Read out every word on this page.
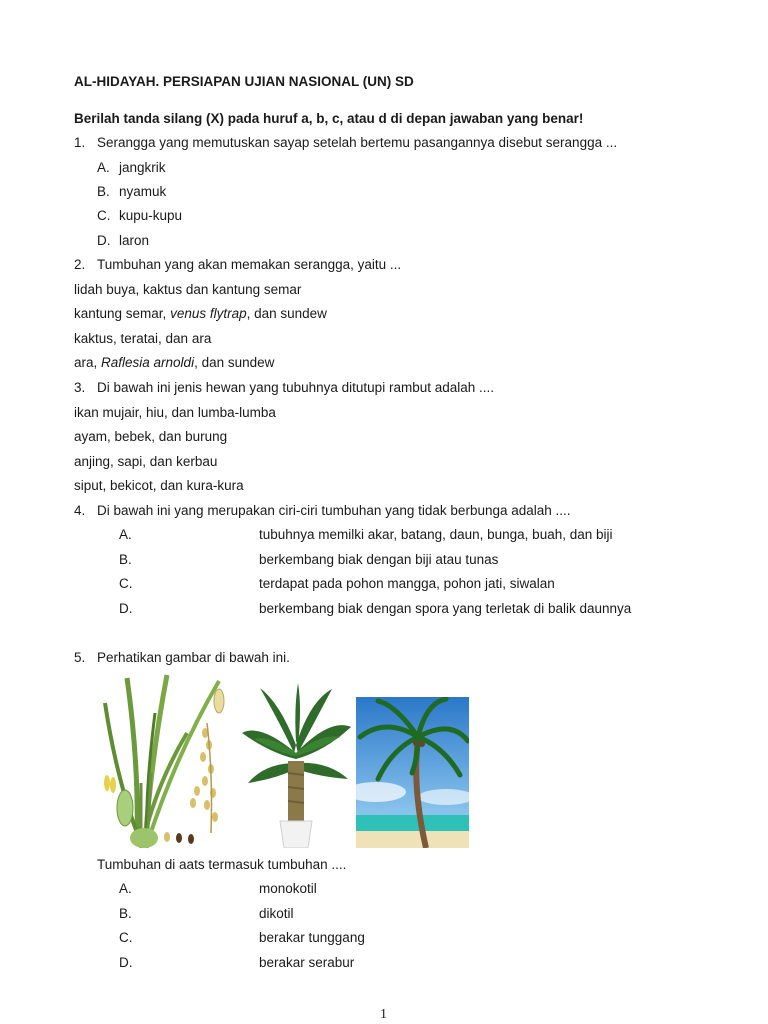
AL-HIDAYAH. PERSIAPAN UJIAN NASIONAL (UN) SD
Berilah tanda silang (X) pada huruf a, b, c, atau d di depan jawaban yang benar!
1. Serangga yang memutuskan sayap setelah bertemu pasangannya disebut serangga ...
A. jangkrik
B. nyamuk
C. kupu-kupu
D. laron
2. Tumbuhan yang akan memakan serangga, yaitu ...
lidah buya, kaktus dan kantung semar
kantung semar, venus flytrap, dan sundew
kaktus, teratai, dan ara
ara, Raflesia arnoldi, dan sundew
3. Di bawah ini jenis hewan yang tubuhnya ditutupi rambut adalah ....
ikan mujair, hiu, dan lumba-lumba
ayam, bebek, dan burung
anjing, sapi, dan kerbau
siput, bekicot, dan kura-kura
4. Di bawah ini yang merupakan ciri-ciri tumbuhan yang tidak berbunga adalah ....
A.	tubuhnya memilki akar, batang, daun, bunga, buah, dan biji
B.	berkembang biak dengan biji atau tunas
C.	terdapat pada pohon mangga, pohon jati, siwalan
D.	berkembang biak dengan spora yang terletak di balik daunnya
5. Perhatikan gambar di bawah ini.
Tumbuhan di aats termasuk tumbuhan ....
A.	monokotil
B.	dikotil
C.	berakar tunggang
D.	berakar serabur
1
